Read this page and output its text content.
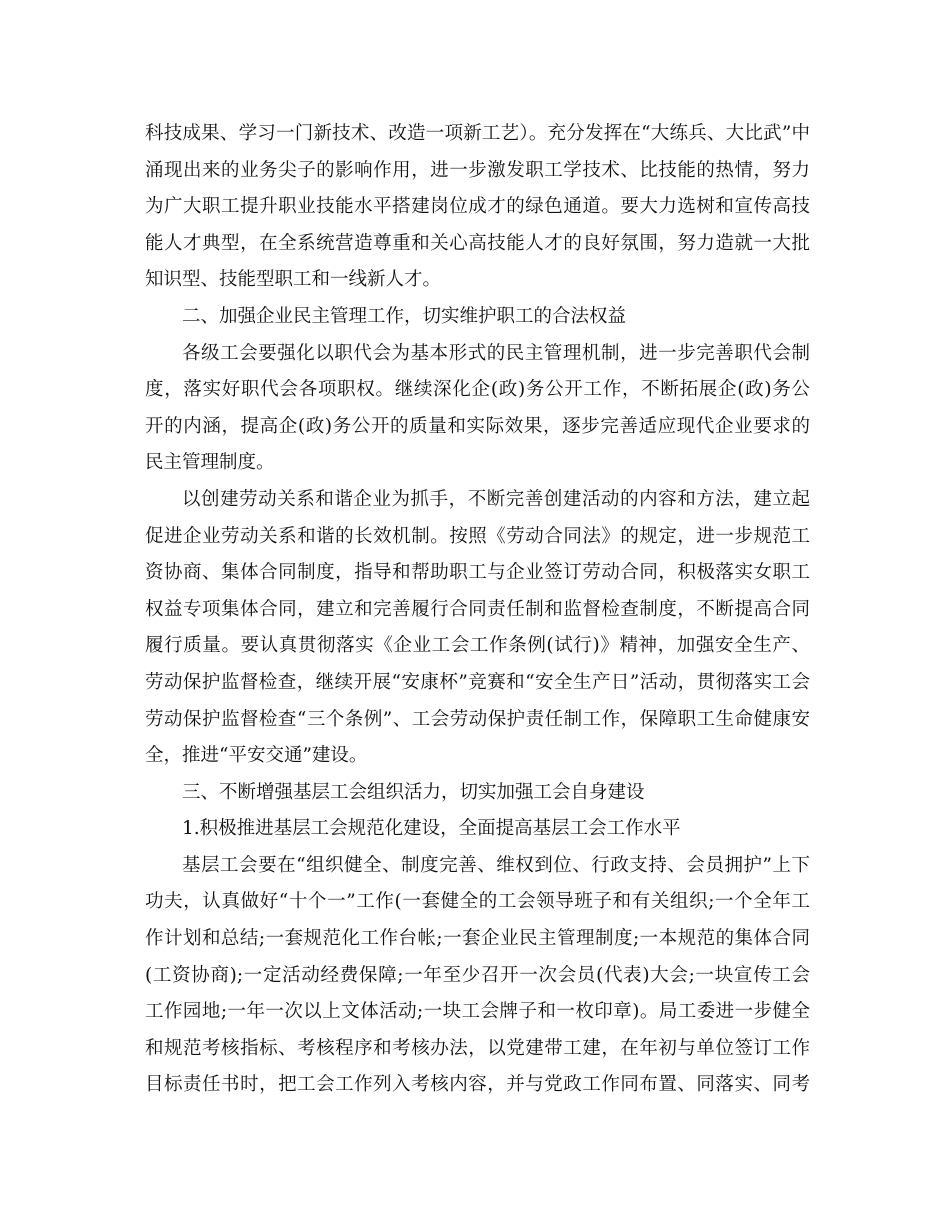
科技成果、学习一门新技术、改造一项新工艺）。充分发挥在“大练兵、大比武”中
涌现出来的业务尖子的影响作用，进一步激发职工学技术、比技能的热情，努力
为广大职工提升职业技能水平搭建岗位成才的绿色通道。要大力选树和宣传高技
能人才典型，在全系统营造尊重和关心高技能人才的良好氛围，努力造就一大批
知识型、技能型职工和一线新人才。
二、加强企业民主管理工作，切实维护职工的合法权益
各级工会要强化以职代会为基本形式的民主管理机制，进一步完善职代会制
度，落实好职代会各项职权。继续深化企(政)务公开工作，不断拓展企(政)务公
开的内涵，提高企(政)务公开的质量和实际效果，逐步完善适应现代企业要求的
民主管理制度。
以创建劳动关系和谐企业为抓手，不断完善创建活动的内容和方法，建立起
促进企业劳动关系和谐的长效机制。按照《劳动合同法》的规定，进一步规范工
资协商、集体合同制度，指导和帮助职工与企业签订劳动合同，积极落实女职工
权益专项集体合同，建立和完善履行合同责任制和监督检查制度，不断提高合同
履行质量。要认真贯彻落实《企业工会工作条例(试行)》精神，加强安全生产、
劳动保护监督检查，继续开展“安康杯”竞赛和“安全生产日”活动，贯彻落实工会
劳动保护监督检查“三个条例”、工会劳动保护责任制工作，保障职工生命健康安
全，推进“平安交通”建设。
三、不断增强基层工会组织活力，切实加强工会自身建设
1.积极推进基层工会规范化建设，全面提高基层工会工作水平
基层工会要在“组织健全、制度完善、维权到位、行政支持、会员拥护”上下
功夫，认真做好“十个一”工作(一套健全的工会领导班子和有关组织;一个全年工
作计划和总结;一套规范化工作台帐;一套企业民主管理制度;一本规范的集体合同
(工资协商);一定活动经费保障;一年至少召开一次会员(代表)大会;一块宣传工会
工作园地;一年一次以上文体活动;一块工会牌子和一枚印章)。局工委进一步健全
和规范考核指标、考核程序和考核办法，以党建带工建，在年初与单位签订工作
目标责任书时，把工会工作列入考核内容，并与党政工作同布置、同落实、同考
